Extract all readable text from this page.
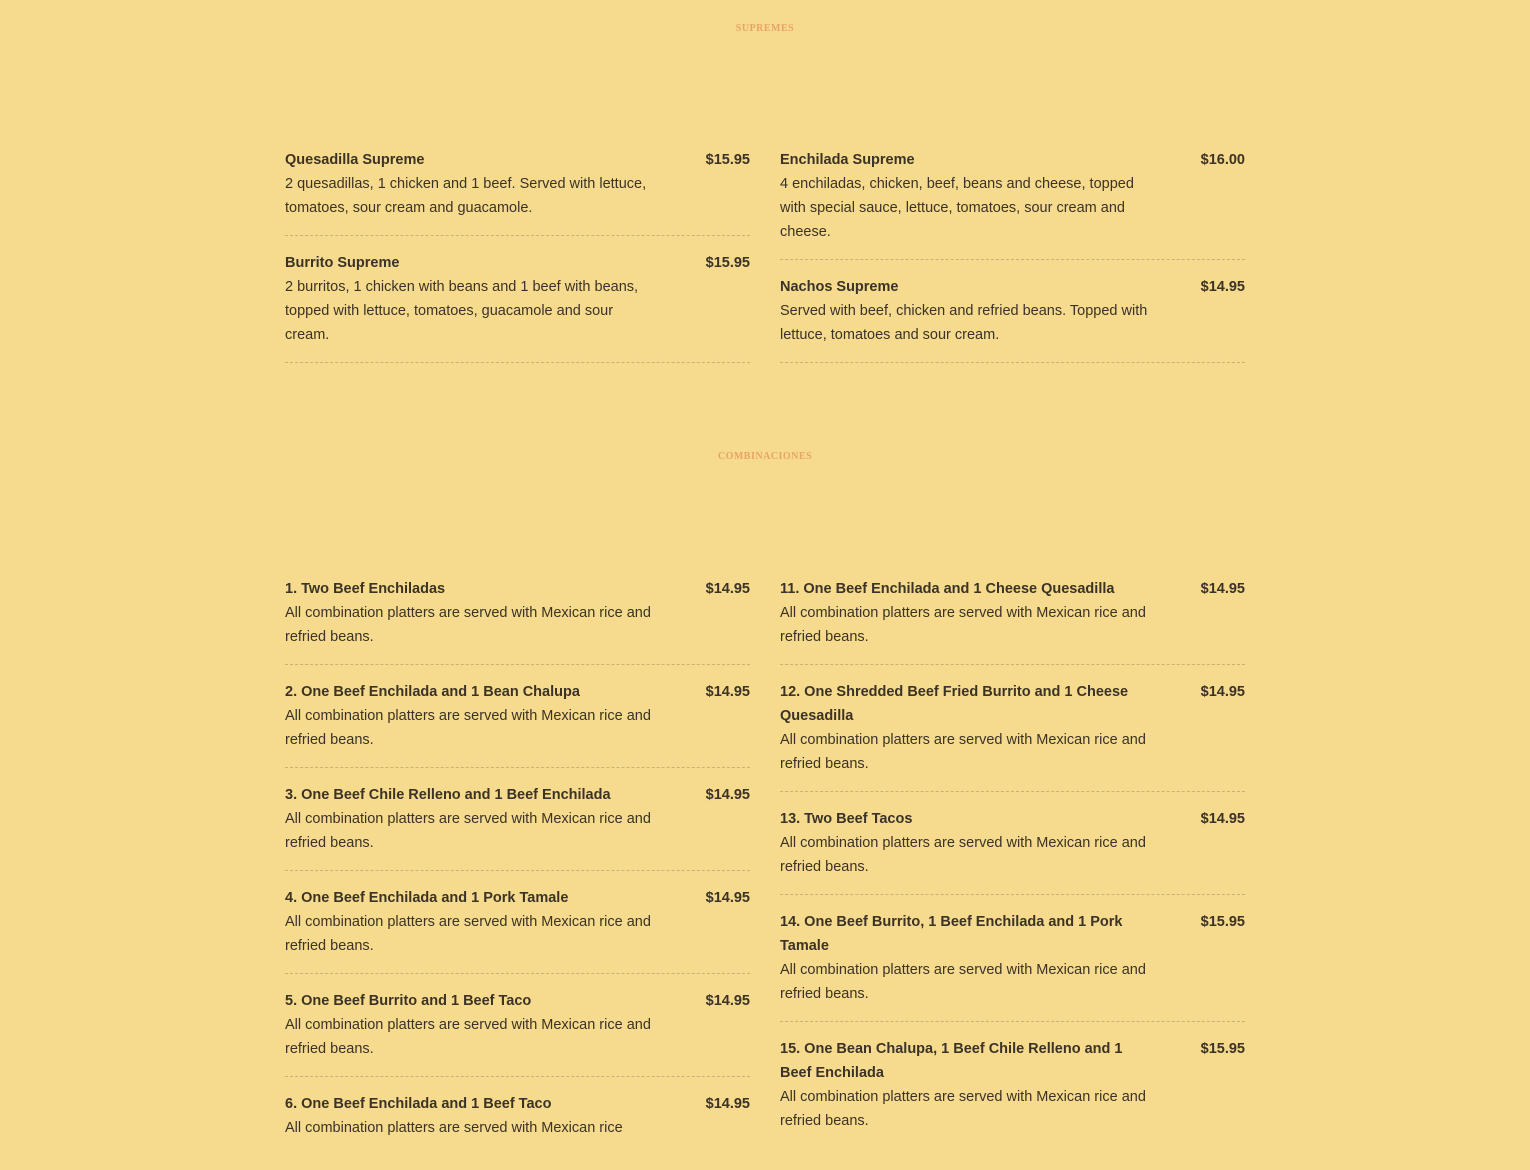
supremes
Quesadilla Supreme	$15.95
2 quesadillas, 1 chicken and 1 beef. Served with lettuce, tomatoes, sour cream and guacamole.
Burrito Supreme	$15.95
2 burritos, 1 chicken with beans and 1 beef with beans, topped with lettuce, tomatoes, guacamole and sour cream.
Enchilada Supreme	$16.00
4 enchiladas, chicken, beef, beans and cheese, topped with special sauce, lettuce, tomatoes, sour cream and cheese.
Nachos Supreme	$14.95
Served with beef, chicken and refried beans. Topped with lettuce, tomatoes and sour cream.
combinaciones
1. Two Beef Enchiladas	$14.95
All combination platters are served with Mexican rice and refried beans.
2. One Beef Enchilada and 1 Bean Chalupa	$14.95
All combination platters are served with Mexican rice and refried beans.
3. One Beef Chile Relleno and 1 Beef Enchilada	$14.95
All combination platters are served with Mexican rice and refried beans.
4. One Beef Enchilada and 1 Pork Tamale	$14.95
All combination platters are served with Mexican rice and refried beans.
5. One Beef Burrito and 1 Beef Taco	$14.95
All combination platters are served with Mexican rice and refried beans.
6. One Beef Enchilada and 1 Beef Taco	$14.95
All combination platters are served with Mexican rice
11. One Beef Enchilada and 1 Cheese Quesadilla	$14.95
All combination platters are served with Mexican rice and refried beans.
12. One Shredded Beef Fried Burrito and 1 Cheese Quesadilla
$14.95
All combination platters are served with Mexican rice and refried beans.
13. Two Beef Tacos	$14.95
All combination platters are served with Mexican rice and refried beans.
14. One Beef Burrito, 1 Beef Enchilada and 1 Pork Tamale
$15.95
All combination platters are served with Mexican rice and refried beans.
15. One Bean Chalupa, 1 Beef Chile Relleno and 1 Beef Enchilada
$15.95
All combination platters are served with Mexican rice and refried beans.
